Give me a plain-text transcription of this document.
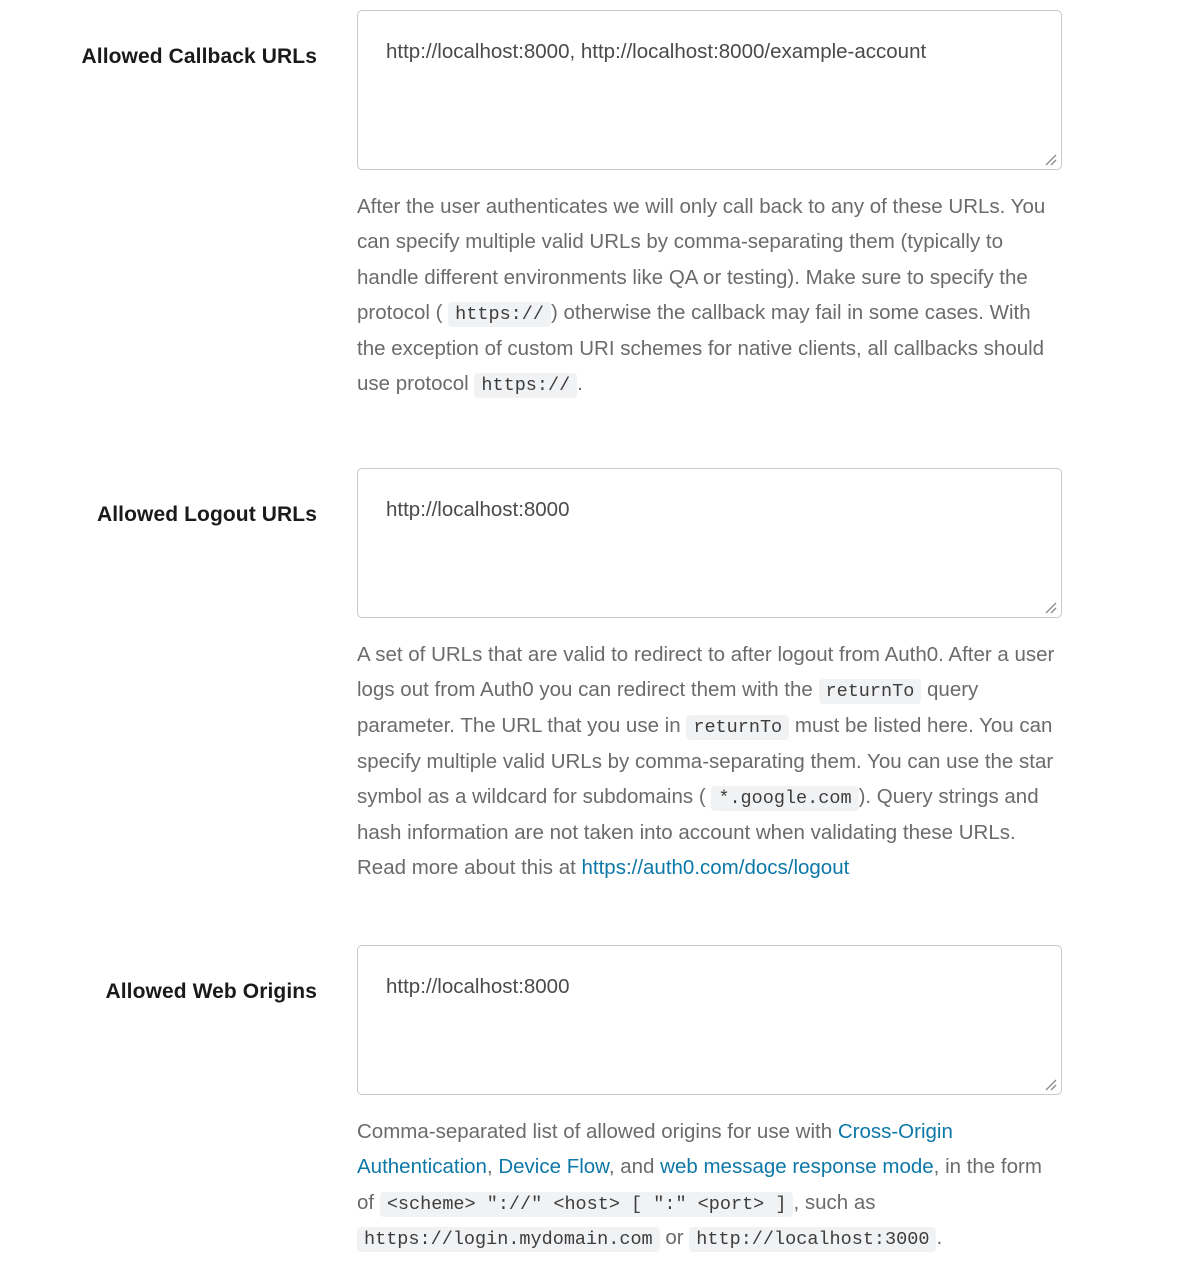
Allowed Callback URLs	http://localhost:8000, http://localhost:8000/example-account
After the user authenticates we will only call back to any of these URLs. You can specify multiple valid URLs by comma-separating them (typically to handle different environments like QA or testing). Make sure to specify the protocol ( https:// ) otherwise the callback may fail in some cases. With the exception of custom URI schemes for native clients, all callbacks should use protocol https:// .
Allowed Logout URLs	http://localhost:8000
A set of URLs that are valid to redirect to after logout from Auth0. After a user logs out from Auth0 you can redirect them with the returnTo query parameter. The URL that you use in returnTo must be listed here. You can specify multiple valid URLs by comma-separating them. You can use the star symbol as a wildcard for subdomains ( *.google.com ). Query strings and hash information are not taken into account when validating these URLs. Read more about this at https://auth0.com/docs/logout
Allowed Web Origins	http://localhost:8000
Comma-separated list of allowed origins for use with Cross-Origin Authentication, Device Flow, and web message response mode, in the form of <scheme> "://" <host> [ ":" <port> ] , such as https://login.mydomain.com or http://localhost:3000 .
